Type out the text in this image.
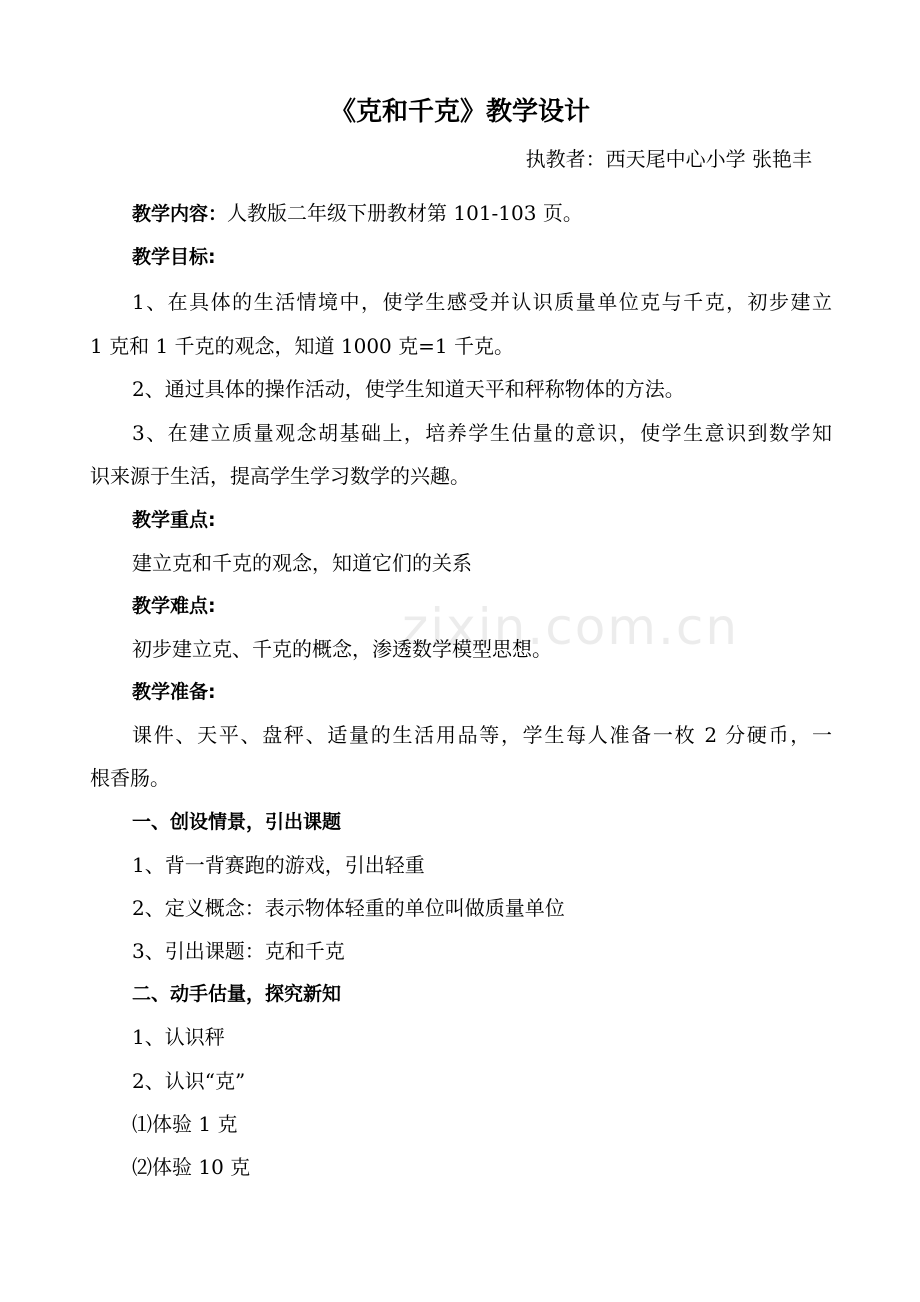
《克和千克》教学设计
执教者：西天尾中心小学 张艳丰
教学内容：人教版二年级下册教材第 101-103 页。
教学目标:
1、在具体的生活情境中，使学生感受并认识质量单位克与千克，初步建立
1 克和 1 千克的观念，知道 1000 克=1 千克。
2、通过具体的操作活动，使学生知道天平和秤称物体的方法。
3、在建立质量观念胡基础上，培养学生估量的意识，使学生意识到数学知
识来源于生活，提高学生学习数学的兴趣。
教学重点:
建立克和千克的观念，知道它们的关系
教学难点:
初步建立克、千克的概念，渗透数学模型思想。
教学准备:
课件、天平、盘秤、适量的生活用品等，学生每人准备一枚 2 分硬币，一
根香肠。
一、创设情景，引出课题
1、背一背赛跑的游戏，引出轻重
2、定义概念：表示物体轻重的单位叫做质量单位
3、引出课题：克和千克
二、动手估量，探究新知
1、认识秤
2、认识“克”
⑴体验 1 克
⑵体验 10 克
zixin.com.cn
